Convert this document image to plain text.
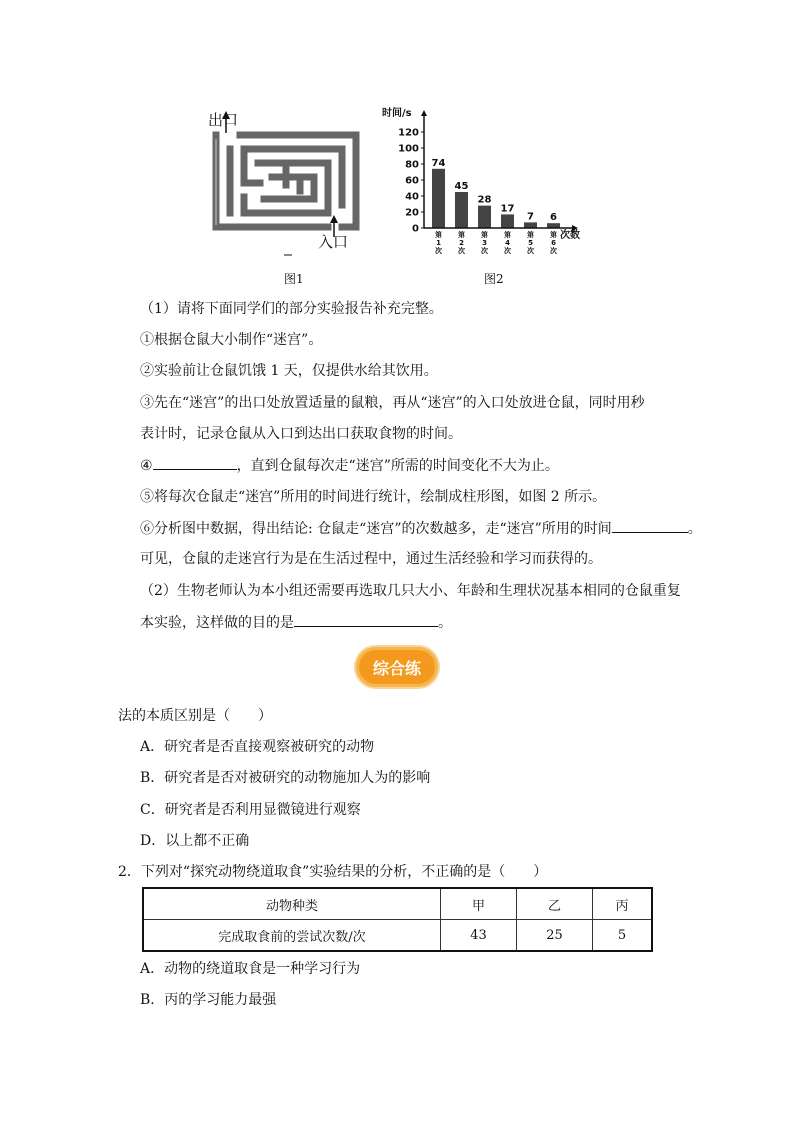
出口
入口
图1
0
20
40
60
80
100
120
74
45
28
17
7 6
第 1 次
第 2 次
第 3 次
第 4 次
第 5 次
第 6 次
时间/s
次数
图2
（1）请将下面同学们的部分实验报告补充完整。
①根据仓鼠大小制作“迷宫”。
②实验前让仓鼠饥饿 1 天，仅提供水给其饮用。
③先在“迷宫”的出口处放置适量的鼠粮，再从“迷宫”的入口处放进仓鼠，同时用秒
表计时，记录仓鼠从入口到达出口获取食物的时间。
④	，直到仓鼠每次走“迷宫”所需的时间变化不大为止。
⑤将每次仓鼠走“迷宫”所用的时间进行统计，绘制成柱形图，如图 2 所示。
⑥分析图中数据，得出结论: 仓鼠走“迷宫”的次数越多，走“迷宫”所用的时间	。
可见，仓鼠的走迷宫行为是在生活过程中，通过生活经验和学习而获得的。
（2）生物老师认为本小组还需要再选取几只大小、年龄和生理状况基本相同的仓鼠重复
本实验，这样做的目的是	。
综合练
法的本质区别是（　　）
A．研究者是否直接观察被研究的动物
B．研究者是否对被研究的动物施加人为的影响
C．研究者是否利用显微镜进行观察
D．以上都不正确
2．下列对“探究动物绕道取食”实验结果的分析，不正确的是（　　）
动物种类	甲	乙	丙
完成取食前的尝试次数/次	43	25	5
A．动物的绕道取食是一种学习行为
B．丙的学习能力最强
